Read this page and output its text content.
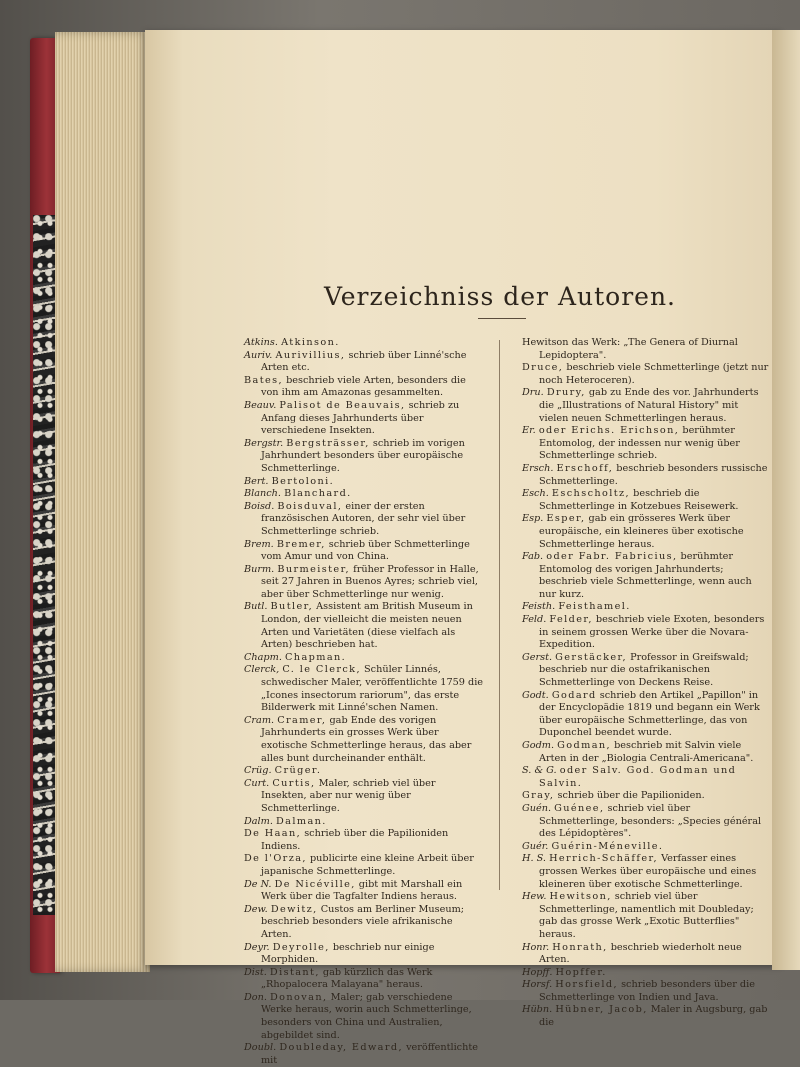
Verzeichniss der Autoren.

Atkins. Atkinson.

Auriv. Aurivillius, schrieb über Linné'sche Arten etc.

Bates, beschrieb viele Arten, besonders die von ihm am Amazonas gesammelten.

Beauv. Palisot de Beauvais, schrieb zu Anfang dieses Jahrhunderts über verschiedene Insekten.

Bergstr. Bergsträsser, schrieb im vorigen Jahrhundert besonders über europäische Schmetterlinge.

Bert. Bertoloni.

Blanch. Blanchard.

Boisd. Boisduval, einer der ersten französischen Autoren, der sehr viel über Schmetterlinge schrieb.

Brem. Bremer, schrieb über Schmetterlinge vom Amur und von China.

Burm. Burmeister, früher Professor in Halle, seit 27 Jahren in Buenos Ayres; schrieb viel, aber über Schmetterlinge nur wenig.

Butl. Butler, Assistent am British Museum in London, der vielleicht die meisten neuen Arten und Varietäten (diese vielfach als Arten) beschrieben hat.

Chapm. Chapman.

Clerck, C. le Clerck, Schüler Linnés, schwedischer Maler, veröffentlichte 1759 die „Icones insectorum rariorum", das erste Bilderwerk mit Linné'schen Namen.

Cram. Cramer, gab Ende des vorigen Jahrhunderts ein grosses Werk über exotische Schmetterlinge heraus, das aber alles bunt durcheinander enthält.

Crüg. Crüger.

Curt. Curtis, Maler, schrieb viel über Insekten, aber nur wenig über Schmetterlinge.

Dalm. Dalman.

De Haan, schrieb über die Papilioniden Indiens.

De l'Orza, publicirte eine kleine Arbeit über japanische Schmetterlinge.

De N. De Nicéville, gibt mit Marshall ein Werk über die Tagfalter Indiens heraus.

Dew. Dewitz, Custos am Berliner Museum; beschrieb besonders viele afrikanische Arten.

Deyr. Deyrolle, beschrieb nur einige Morphiden.

Dist. Distant, gab kürzlich das Werk „Rhopalocera Malayana" heraus.

Don. Donovan, Maler; gab verschiedene Werke heraus, worin auch Schmetterlinge, besonders von China und Australien, abgebildet sind.

Doubl. Doubleday, Edward, veröffentlichte mit

Hewitson das Werk: „The Genera of Diurnal Lepidoptera".

Druce, beschrieb viele Schmetterlinge (jetzt nur noch Heteroceren).

Dru. Drury, gab zu Ende des vor. Jahrhunderts die „Illustrations of Natural History" mit vielen neuen Schmetterlingen heraus.

Er. oder Erichs. Erichson, berühmter Entomolog, der indessen nur wenig über Schmetterlinge schrieb.

Ersch. Erschoff, beschrieb besonders russische Schmetterlinge.

Esch. Eschscholtz, beschrieb die Schmetterlinge in Kotzebues Reisewerk.

Esp. Esper, gab ein grösseres Werk über europäische, ein kleineres über exotische Schmetterlinge heraus.

Fab. oder Fabr. Fabricius, berühmter Entomolog des vorigen Jahrhunderts; beschrieb viele Schmetterlinge, wenn auch nur kurz.

Feisth. Feisthamel.

Feld. Felder, beschrieb viele Exoten, besonders in seinem grossen Werke über die Novara-Expedition.

Gerst. Gerstäcker, Professor in Greifswald; beschrieb nur die ostafrikanischen Schmetterlinge von Deckens Reise.

Godt. Godard schrieb den Artikel „Papillon" in der Encyclopädie 1819 und begann ein Werk über europäische Schmetterlinge, das von Duponchel beendet wurde.

Godm. Godman, beschrieb mit Salvin viele Arten in der „Biologia Centrali-Americana".

S. & G. oder Salv. God. Godman und Salvin.

Gray, schrieb über die Papilioniden.

Guén. Guénee, schrieb viel über Schmetterlinge, besonders: „Species général des Lépidoptères".

Guér. Guérin-Méneville.

H. S. Herrich-Schäffer, Verfasser eines grossen Werkes über europäische und eines kleineren über exotische Schmetterlinge.

Hew. Hewitson, schrieb viel über Schmetterlinge, namentlich mit Doubleday; gab das grosse Werk „Exotic Butterflies" heraus.

Honr. Honrath, beschrieb wiederholt neue Arten.

Hopff. Hopffer.

Horsf. Horsfield, schrieb besonders über die Schmetterlinge von Indien und Java.

Hübn. Hübner, Jacob, Maler in Augsburg, gab die
